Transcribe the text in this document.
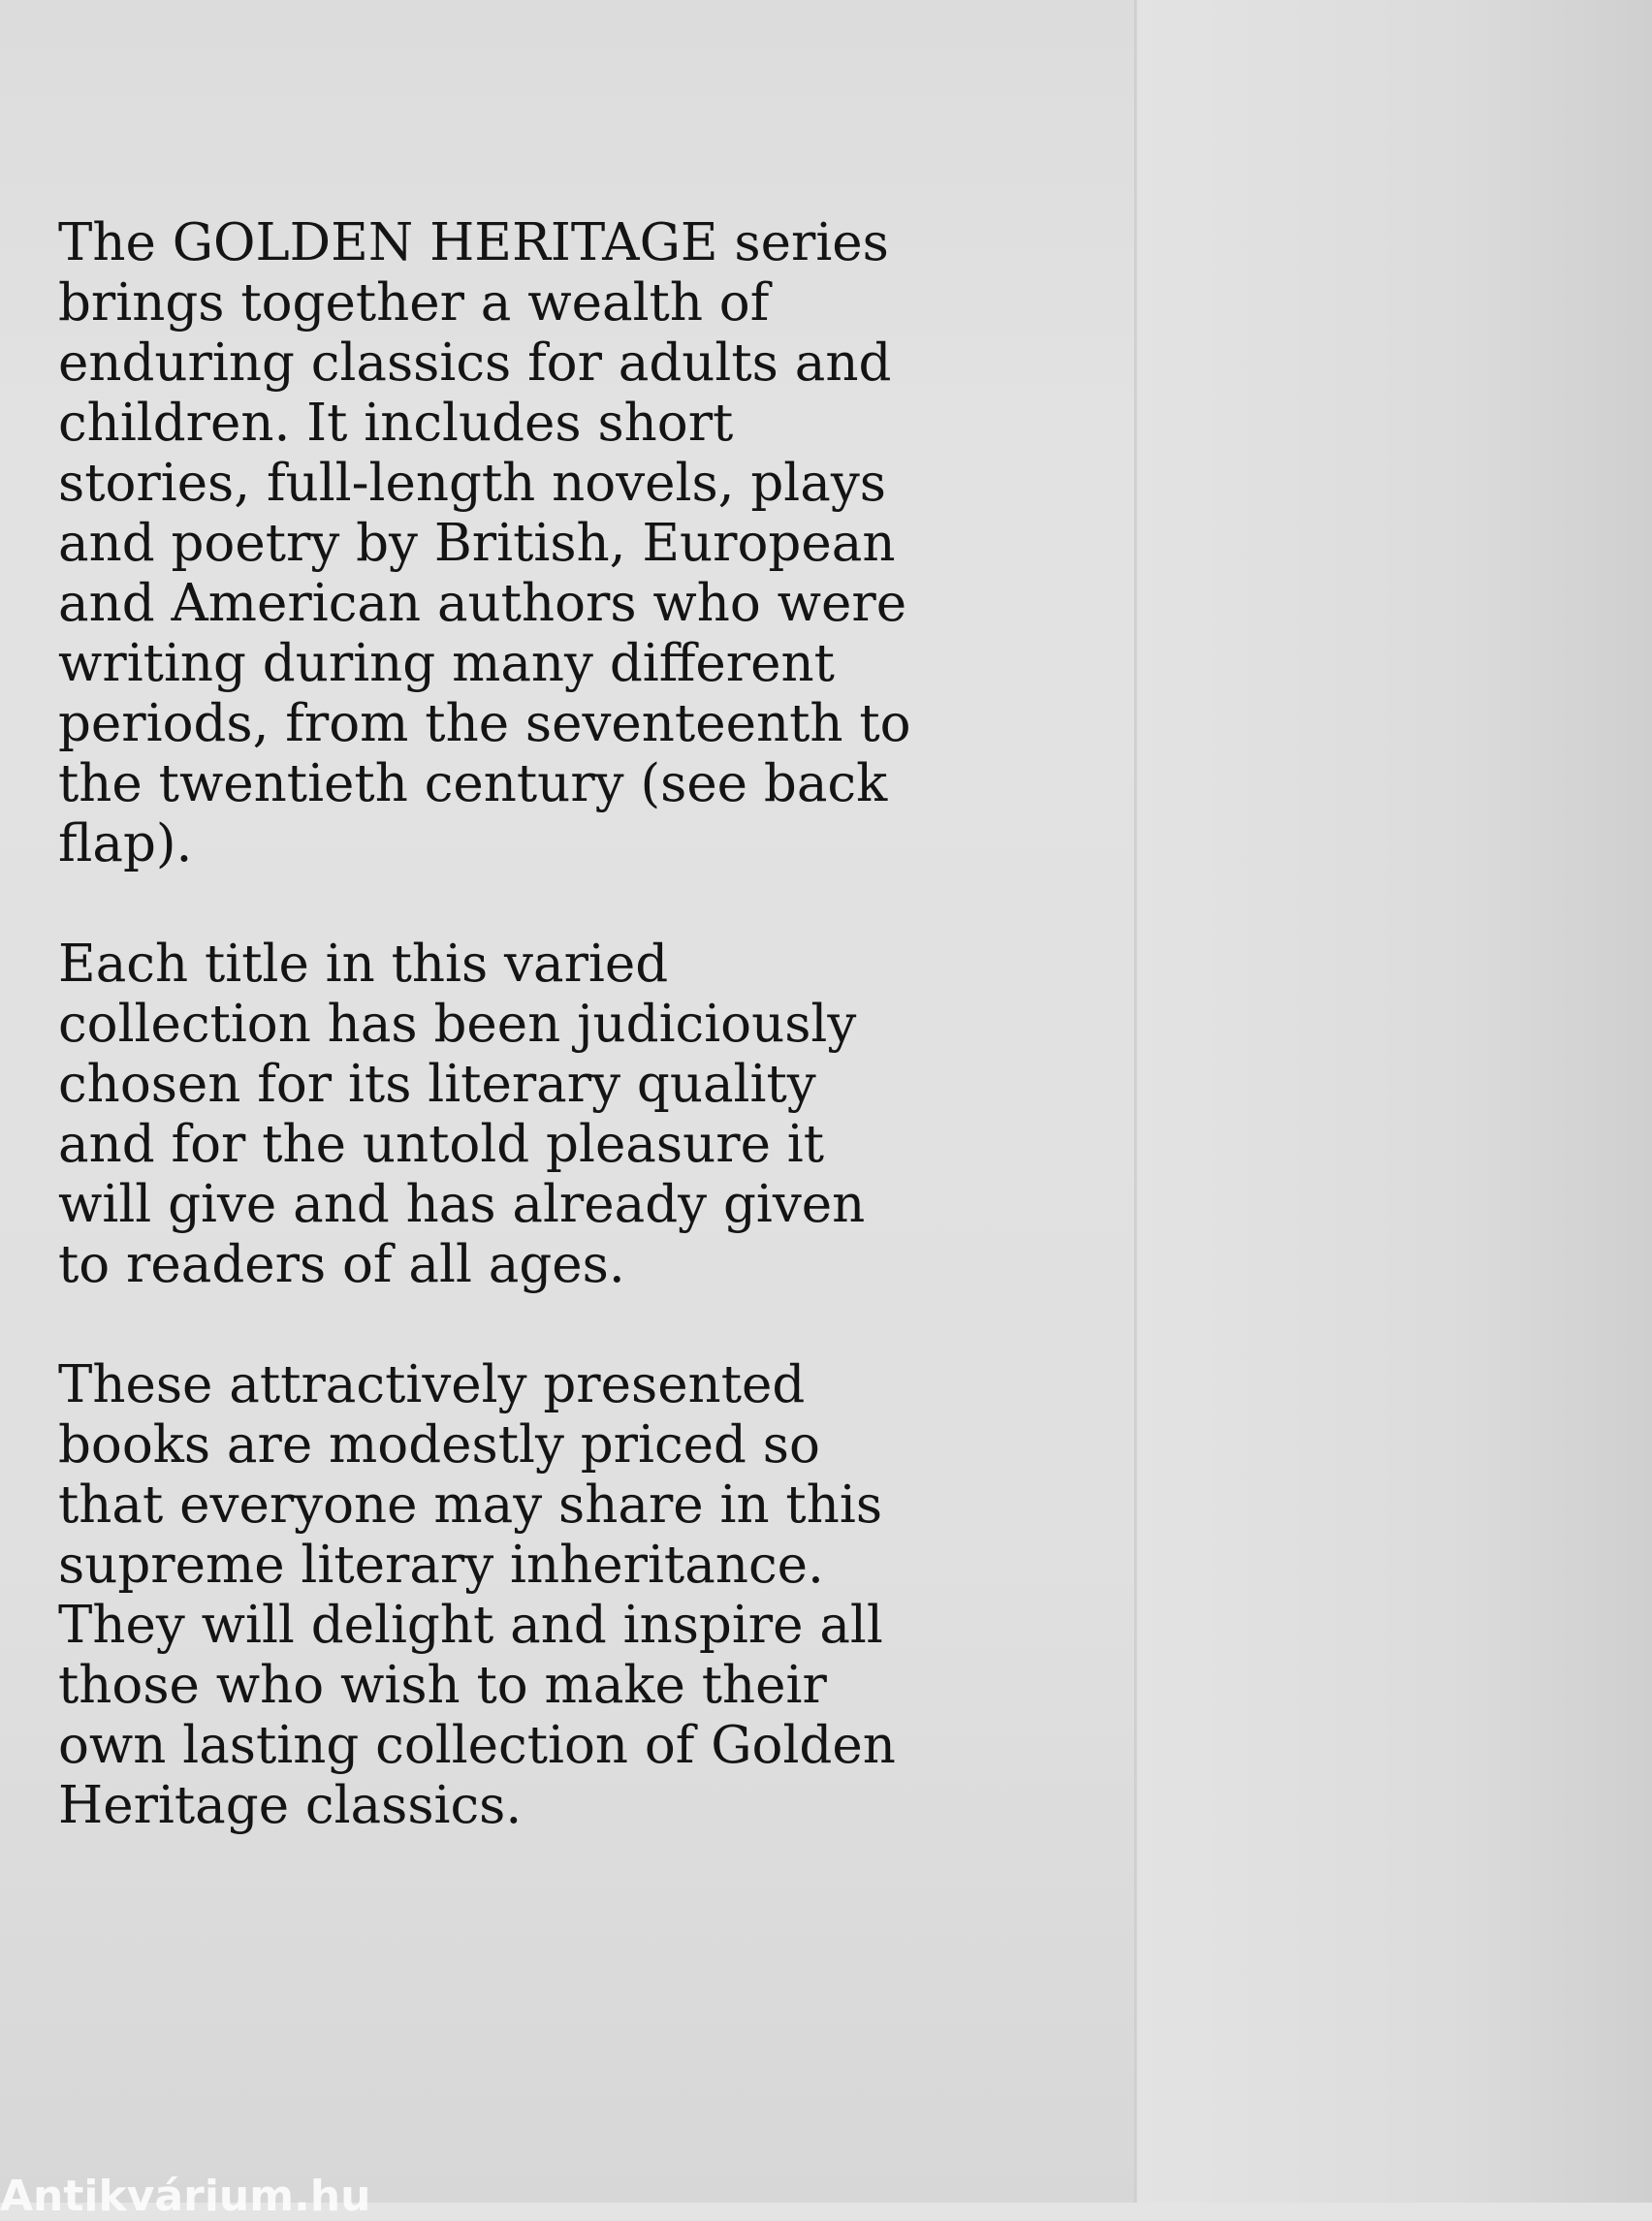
The GOLDEN HERITAGE series
brings together a wealth of
enduring classics for adults and
children. It includes short
stories, full-length novels, plays
and poetry by British, European
and American authors who were
writing during many different
periods, from the seventeenth to
the twentieth century (see back
flap).

Each title in this varied
collection has been judiciously
chosen for its literary quality
and for the untold pleasure it
will give and has already given
to readers of all ages.

These attractively presented
books are modestly priced so
that everyone may share in this
supreme literary inheritance.
They will delight and inspire all
those who wish to make their
own lasting collection of Golden
Heritage classics.

Antikvárium.hu
